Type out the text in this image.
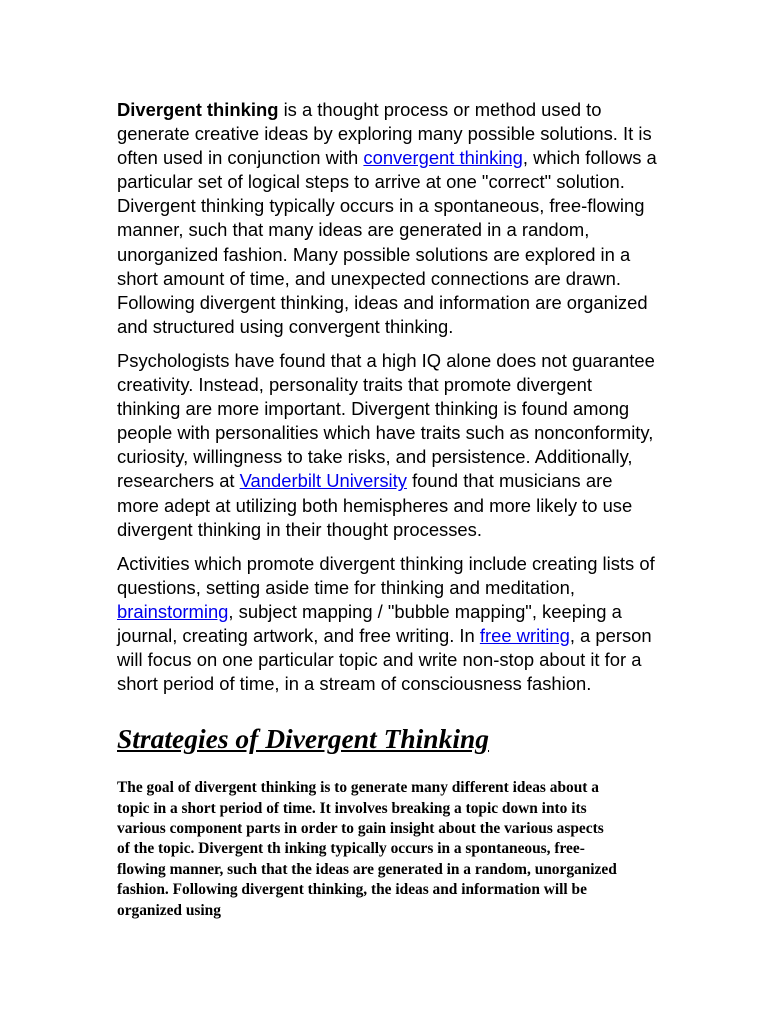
Divergent thinking is a thought process or method used to generate creative ideas by exploring many possible solutions. It is often used in conjunction with convergent thinking, which follows a particular set of logical steps to arrive at one "correct" solution. Divergent thinking typically occurs in a spontaneous, free-flowing manner, such that many ideas are generated in a random, unorganized fashion. Many possible solutions are explored in a short amount of time, and unexpected connections are drawn. Following divergent thinking, ideas and information are organized and structured using convergent thinking.

Psychologists have found that a high IQ alone does not guarantee creativity. Instead, personality traits that promote divergent thinking are more important. Divergent thinking is found among people with personalities which have traits such as nonconformity, curiosity, willingness to take risks, and persistence. Additionally, researchers at Vanderbilt University found that musicians are more adept at utilizing both hemispheres and more likely to use divergent thinking in their thought processes.

Activities which promote divergent thinking include creating lists of questions, setting aside time for thinking and meditation, brainstorming, subject mapping / "bubble mapping", keeping a journal, creating artwork, and free writing. In free writing, a person will focus on one particular topic and write non-stop about it for a short period of time, in a stream of consciousness fashion.

Strategies of Divergent Thinking

The goal of divergent thinking is to generate many different ideas about a topic in a short period of time. It involves breaking a topic down into its various component parts in order to gain insight about the various aspects of the topic. Divergent th inking typically occurs in a spontaneous, free-flowing manner, such that the ideas are generated in a random, unorganized fashion. Following divergent thinking, the ideas and information will be organized using
